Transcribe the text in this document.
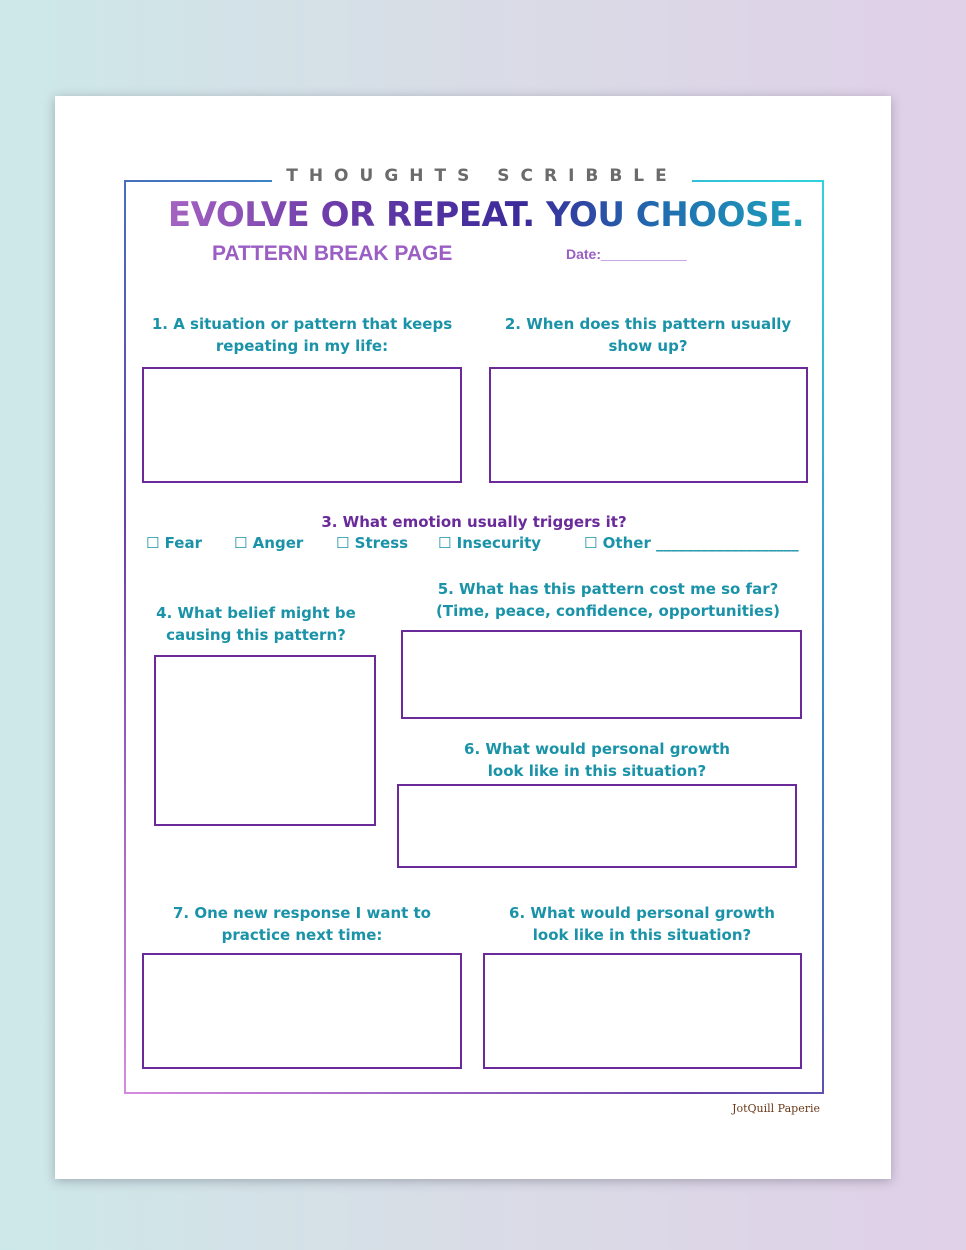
THOUGHTS SCRIBBLE
EVOLVE OR REPEAT. YOU CHOOSE.
PATTERN BREAK PAGE	Date:___________
1. A situation or pattern that keeps
repeating in my life:
2. When does this pattern usually
show up?
3. What emotion usually triggers it?
☐ Fear ☐ Anger ☐ Stress ☐ Insecurity	☐ Other ___________________
4. What belief might be
causing this pattern?
5. What has this pattern cost me so far?
(Time, peace, confidence, opportunities)
6. What would personal growth
look like in this situation?
7. One new response I want to
practice next time:
6. What would personal growth
look like in this situation?
JotQuill Paperie
